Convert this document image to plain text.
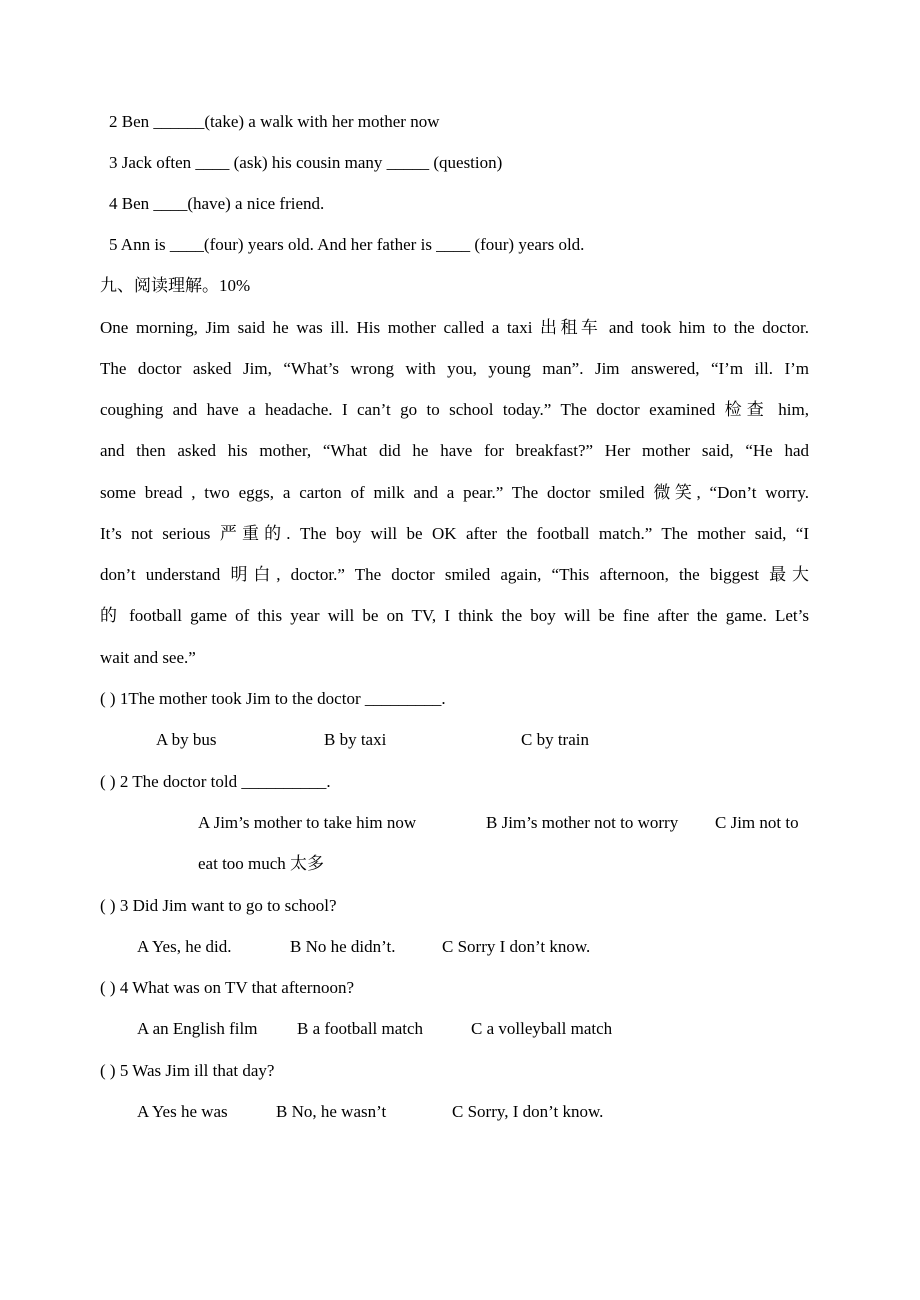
2 Ben ______(take) a walk with her mother now
3 Jack often ____ (ask) his cousin many _____ (question)
4 Ben ____(have) a nice friend.
5 Ann is ____(four) years old. And her father is ____ (four) years old.
九、阅读理解。10%
One morning, Jim said he was ill. His mother called a taxi 出租车 and took him to the doctor.
The doctor asked Jim, “What’s wrong with you, young man”. Jim answered, “I’m ill. I’m
coughing and have a headache. I can’t go to school today.” The doctor examined 检查 him,
and then asked his mother, “What did he have for breakfast?” Her mother said, “He had
some bread , two eggs, a carton of milk and a pear.” The doctor smiled 微笑, “Don’t worry.
It’s not serious 严重的. The boy will be OK after the football match.” The mother said, “I
don’t understand 明白, doctor.” The doctor smiled again, “This afternoon, the biggest 最大
的 football game of this year will be on TV, I think the boy will be fine after the game. Let’s
wait and see.”
( ) 1The mother took Jim to the doctor _________.
A by bus	B by taxi	C by train
( ) 2 The doctor told __________.
A Jim’s mother to take him now	B Jim’s mother not to worry C Jim not to
eat too much 太多
( ) 3 Did Jim want to go to school?
A Yes, he did.	B No he didn’t.	C Sorry I don’t know.
( ) 4 What was on TV that afternoon?
A an English film B a football match	C a volleyball match
( ) 5 Was Jim ill that day?
A Yes he was	B No, he wasn’t	C Sorry, I don’t know.
